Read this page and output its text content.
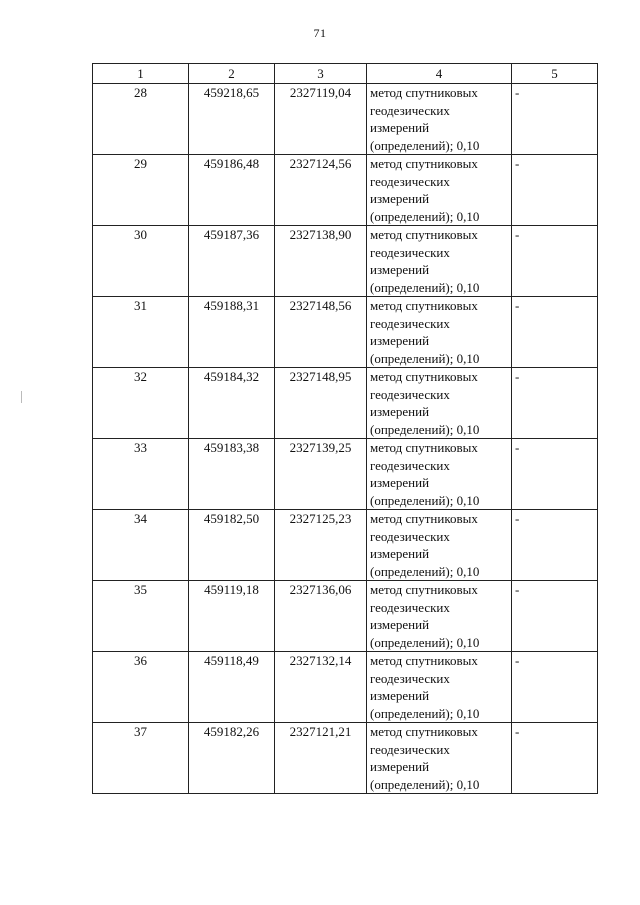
71
1	2	3	4	5
28	459218,65	2327119,04	метод спутниковых геодезических измерений (определений); 0,10	-
29	459186,48	2327124,56	метод спутниковых геодезических измерений (определений); 0,10	-
30	459187,36	2327138,90	метод спутниковых геодезических измерений (определений); 0,10	-
31	459188,31	2327148,56	метод спутниковых геодезических измерений (определений); 0,10	-
32	459184,32	2327148,95	метод спутниковых геодезических измерений (определений); 0,10	-
33	459183,38	2327139,25	метод спутниковых геодезических измерений (определений); 0,10	-
34	459182,50	2327125,23	метод спутниковых геодезических измерений (определений); 0,10	-
35	459119,18	2327136,06	метод спутниковых геодезических измерений (определений); 0,10	-
36	459118,49	2327132,14	метод спутниковых геодезических измерений (определений); 0,10	-
37	459182,26	2327121,21	метод спутниковых геодезических измерений (определений); 0,10	-
